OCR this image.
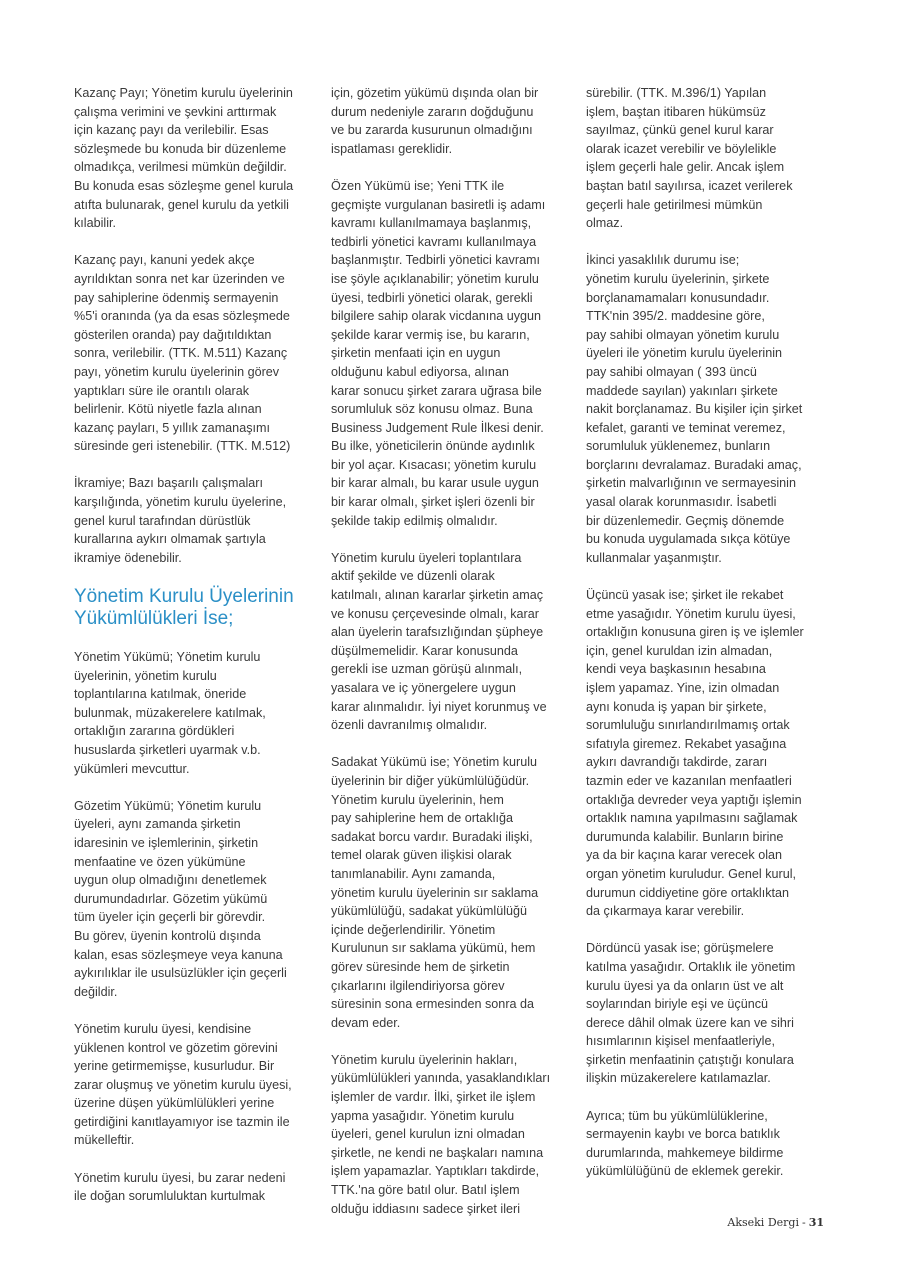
Kazanç Payı; Yönetim kurulu üyelerinin
çalışma verimini ve şevkini arttırmak
için kazanç payı da verilebilir. Esas
sözleşmede bu konuda bir düzenleme
olmadıkça, verilmesi mümkün değildir.
Bu konuda esas sözleşme genel kurula
atıfta bulunarak, genel kurulu da yetkili
kılabilir.

Kazanç payı, kanuni yedek akçe
ayrıldıktan sonra net kar üzerinden ve
pay sahiplerine ödenmiş sermayenin
%5'i oranında (ya da esas sözleşmede
gösterilen oranda) pay dağıtıldıktan
sonra, verilebilir. (TTK. M.511) Kazanç
payı, yönetim kurulu üyelerinin görev
yaptıkları süre ile orantılı olarak
belirlenir. Kötü niyetle fazla alınan
kazanç payları, 5 yıllık zamanaşımı
süresinde geri istenebilir. (TTK. M.512)

İkramiye; Bazı başarılı çalışmaları
karşılığında, yönetim kurulu üyelerine,
genel kurul tarafından dürüstlük
kurallarına aykırı olmamak şartıyla
ikramiye ödenebilir.

Yönetim Kurulu Üyelerinin
Yükümlülükleri İse;

Yönetim Yükümü; Yönetim kurulu
üyelerinin, yönetim kurulu
toplantılarına katılmak, öneride
bulunmak, müzakerelere katılmak,
ortaklığın zararına gördükleri
hususlarda şirketleri uyarmak v.b.
yükümleri mevcuttur.

Gözetim Yükümü; Yönetim kurulu
üyeleri, aynı zamanda şirketin
idaresinin ve işlemlerinin, şirketin
menfaatine ve özen yükümüne
uygun olup olmadığını denetlemek
durumundadırlar. Gözetim yükümü
tüm üyeler için geçerli bir görevdir.
Bu görev, üyenin kontrolü dışında
kalan, esas sözleşmeye veya kanuna
aykırılıklar ile usulsüzlükler için geçerli
değildir.

Yönetim kurulu üyesi, kendisine
yüklenen kontrol ve gözetim görevini
yerine getirmemişse, kusurludur. Bir
zarar oluşmuş ve yönetim kurulu üyesi,
üzerine düşen yükümlülükleri yerine
getirdiğini kanıtlayamıyor ise tazmin ile
mükelleftir.

Yönetim kurulu üyesi, bu zarar nedeni
ile doğan sorumluluktan kurtulmak

için, gözetim yükümü dışında olan bir
durum nedeniyle zararın doğduğunu
ve bu zararda kusurunun olmadığını
ispatlaması gereklidir.

Özen Yükümü ise; Yeni TTK ile
geçmişte vurgulanan basiretli iş adamı
kavramı kullanılmamaya başlanmış,
tedbirli yönetici kavramı kullanılmaya
başlanmıştır. Tedbirli yönetici kavramı
ise şöyle açıklanabilir; yönetim kurulu
üyesi, tedbirli yönetici olarak, gerekli
bilgilere sahip olarak vicdanına uygun
şekilde karar vermiş ise, bu kararın,
şirketin menfaati için en uygun
olduğunu kabul ediyorsa, alınan
karar sonucu şirket zarara uğrasa bile
sorumluluk söz konusu olmaz. Buna
Business Judgement Rule İlkesi denir.
Bu ilke, yöneticilerin önünde aydınlık
bir yol açar. Kısacası; yönetim kurulu
bir karar almalı, bu karar usule uygun
bir karar olmalı, şirket işleri özenli bir
şekilde takip edilmiş olmalıdır.

Yönetim kurulu üyeleri toplantılara
aktif şekilde ve düzenli olarak
katılmalı, alınan kararlar şirketin amaç
ve konusu çerçevesinde olmalı, karar
alan üyelerin tarafsızlığından şüpheye
düşülmemelidir. Karar konusunda
gerekli ise uzman görüşü alınmalı,
yasalara ve iç yönergelere uygun
karar alınmalıdır. İyi niyet korunmuş ve
özenli davranılmış olmalıdır.

Sadakat Yükümü ise; Yönetim kurulu
üyelerinin bir diğer yükümlülüğüdür.
Yönetim kurulu üyelerinin, hem
pay sahiplerine hem de ortaklığa
sadakat borcu vardır. Buradaki ilişki,
temel olarak güven ilişkisi olarak
tanımlanabilir. Aynı zamanda,
yönetim kurulu üyelerinin sır saklama
yükümlülüğü, sadakat yükümlülüğü
içinde değerlendirilir. Yönetim
Kurulunun sır saklama yükümü, hem
görev süresinde hem de şirketin
çıkarlarını ilgilendiriyorsa görev
süresinin sona ermesinden sonra da
devam eder.

Yönetim kurulu üyelerinin hakları,
yükümlülükleri yanında, yasaklandıkları
işlemler de vardır. İlki, şirket ile işlem
yapma yasağıdır. Yönetim kurulu
üyeleri, genel kurulun izni olmadan
şirketle, ne kendi ne başkaları namına
işlem yapamazlar. Yaptıkları takdirde,
TTK.'na göre batıl olur. Batıl işlem
olduğu iddiasını sadece şirket ileri

sürebilir. (TTK. M.396/1) Yapılan
işlem, baştan itibaren hükümsüz
sayılmaz, çünkü genel kurul karar
olarak icazet verebilir ve böylelikle
işlem geçerli hale gelir. Ancak işlem
baştan batıl sayılırsa, icazet verilerek
geçerli hale getirilmesi mümkün
olmaz.

İkinci yasaklılık durumu ise;
yönetim kurulu üyelerinin, şirkete
borçlanamamaları konusundadır.
TTK'nin 395/2. maddesine göre,
pay sahibi olmayan yönetim kurulu
üyeleri ile yönetim kurulu üyelerinin
pay sahibi olmayan ( 393 üncü
maddede sayılan) yakınları şirkete
nakit borçlanamaz. Bu kişiler için şirket
kefalet, garanti ve teminat veremez,
sorumluluk yüklenemez, bunların
borçlarını devralamaz. Buradaki amaç,
şirketin malvarlığının ve sermayesinin
yasal olarak korunmasıdır. İsabetli
bir düzenlemedir. Geçmiş dönemde
bu konuda uygulamada sıkça kötüye
kullanmalar yaşanmıştır.

Üçüncü yasak ise; şirket ile rekabet
etme yasağıdır. Yönetim kurulu üyesi,
ortaklığın konusuna giren iş ve işlemler
için, genel kuruldan izin almadan,
kendi veya başkasının hesabına
işlem yapamaz. Yine, izin olmadan
aynı konuda iş yapan bir şirkete,
sorumluluğu sınırlandırılmamış ortak
sıfatıyla giremez. Rekabet yasağına
aykırı davrandığı takdirde, zararı
tazmin eder ve kazanılan menfaatleri
ortaklığa devreder veya yaptığı işlemin
ortaklık namına yapılmasını sağlamak
durumunda kalabilir. Bunların birine
ya da bir kaçına karar verecek olan
organ yönetim kuruludur. Genel kurul,
durumun ciddiyetine göre ortaklıktan
da çıkarmaya karar verebilir.

Dördüncü yasak ise; görüşmelere
katılma yasağıdır. Ortaklık ile yönetim
kurulu üyesi ya da onların üst ve alt
soylarından biriyle eşi ve üçüncü
derece dâhil olmak üzere kan ve sihri
hısımlarının kişisel menfaatleriyle,
şirketin menfaatinin çatıştığı konulara
ilişkin müzakerelere katılamazlar.

Ayrıca; tüm bu yükümlülüklerine,
sermayenin kaybı ve borca batıklık
durumlarında, mahkemeye bildirme
yükümlülüğünü de eklemek gerekir.

Akseki Dergi - 31
